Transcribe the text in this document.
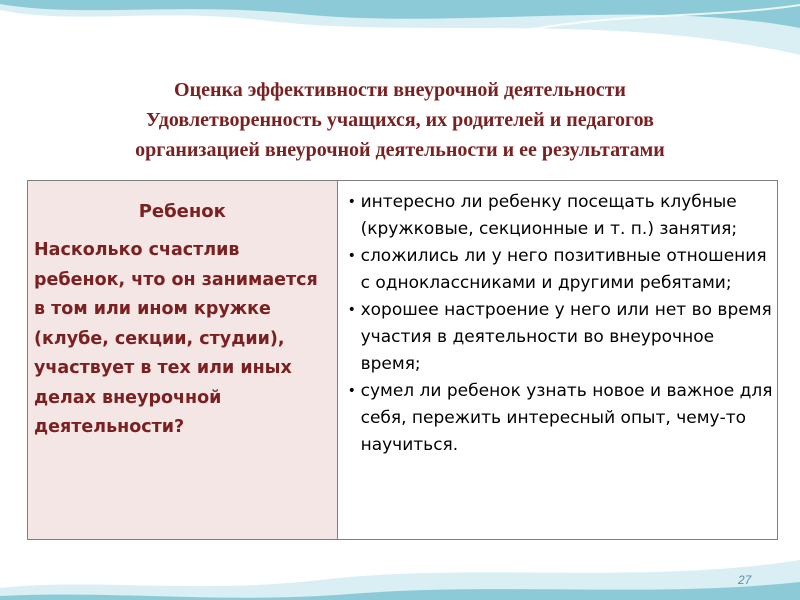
Оценка эффективности внеурочной деятельности
Удовлетворенность учащихся, их родителей и педагогов
организацией внеурочной деятельности и ее результатами
Ребенок
Насколько счастлив ребенок, что он занимается в том или ином кружке (клубе, секции, студии), участвует в тех или иных делах внеурочной деятельности?
• интересно ли ребенку посещать клубные (кружковые, секционные и т. п.) занятия;
• сложились ли у него позитивные отношения с одноклассниками и другими ребятами;
• хорошее настроение у него или нет во время участия в деятельности во внеурочное время;
• сумел ли ребенок узнать новое и важное для себя, пережить интересный опыт, чему-то научиться.
27
